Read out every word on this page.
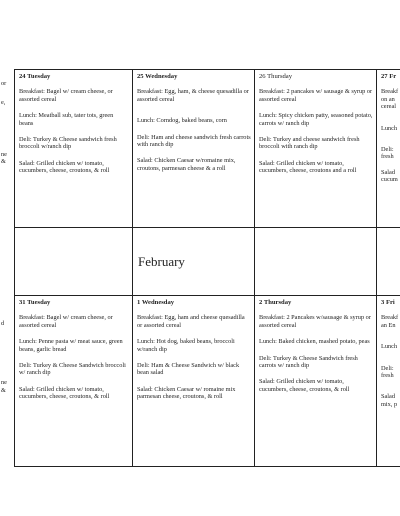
or

e,

ne

&

24 Tuesday

Breakfast: Bagel w/ cream cheese, or assorted cereal

Lunch: Meatball sub, tater tots, green beans

Deli: Turkey & Cheese sandwich fresh broccoli w/ranch dip

Salad: Grilled chicken w/ tomato, cucumbers, cheese, croutons, & roll

25 Wednesday

Breakfast: Egg, ham, & cheese quesadilla or assorted cereal

Lunch: Corndog, baked beans, corn

Deli: Ham and cheese sandwich fresh carrots with ranch dip

Salad: Chicken Caesar w/romaine mix, croutons, parmesan cheese & a roll

26 Thursday

Breakfast: 2 pancakes w/ sausage & syrup or assorted cereal

Lunch: Spicy chicken patty, seasoned potato, carrots w/ ranch dip

Deli: Turkey and cheese sandwich fresh broccoli with ranch dip

Salad: Grilled chicken w/ tomato, cucumbers, cheese, croutons and a roll

27 Fr

Breakf

on an

cereal

Lunch

Deli:

fresh

Salad

cucum

February

d

ne

&

31 Tuesday

Breakfast: Bagel w/ cream cheese, or assorted cereal

Lunch: Penne pasta w/ meat sauce, green beans, garlic bread

Deli: Turkey & Cheese Sandwich broccoli w/ ranch dip

Salad: Grilled chicken w/ tomato, cucumbers, cheese, croutons, & roll

1 Wednesday

Breakfast: Egg, ham and cheese quesadilla or assorted cereal

Lunch: Hot dog, baked beans, broccoli w/ranch dip

Deli: Ham & Cheese Sandwich w/ black bean salad

Salad: Chicken Caesar w/ romaine mix parmesan cheese, croutons, & roll

2 Thursday

Breakfast: 2 Pancakes w/sausage & syrup or assorted cereal

Lunch: Baked chicken, mashed potato, peas

Deli: Turkey & Cheese Sandwich fresh carrots w/ ranch dip

Salad: Grilled chicken w/ tomato, cucumbers, cheese, croutons, & roll

3 Fri

Breakf

an En

Lunch

Deli:

fresh

Salad

mix, p
